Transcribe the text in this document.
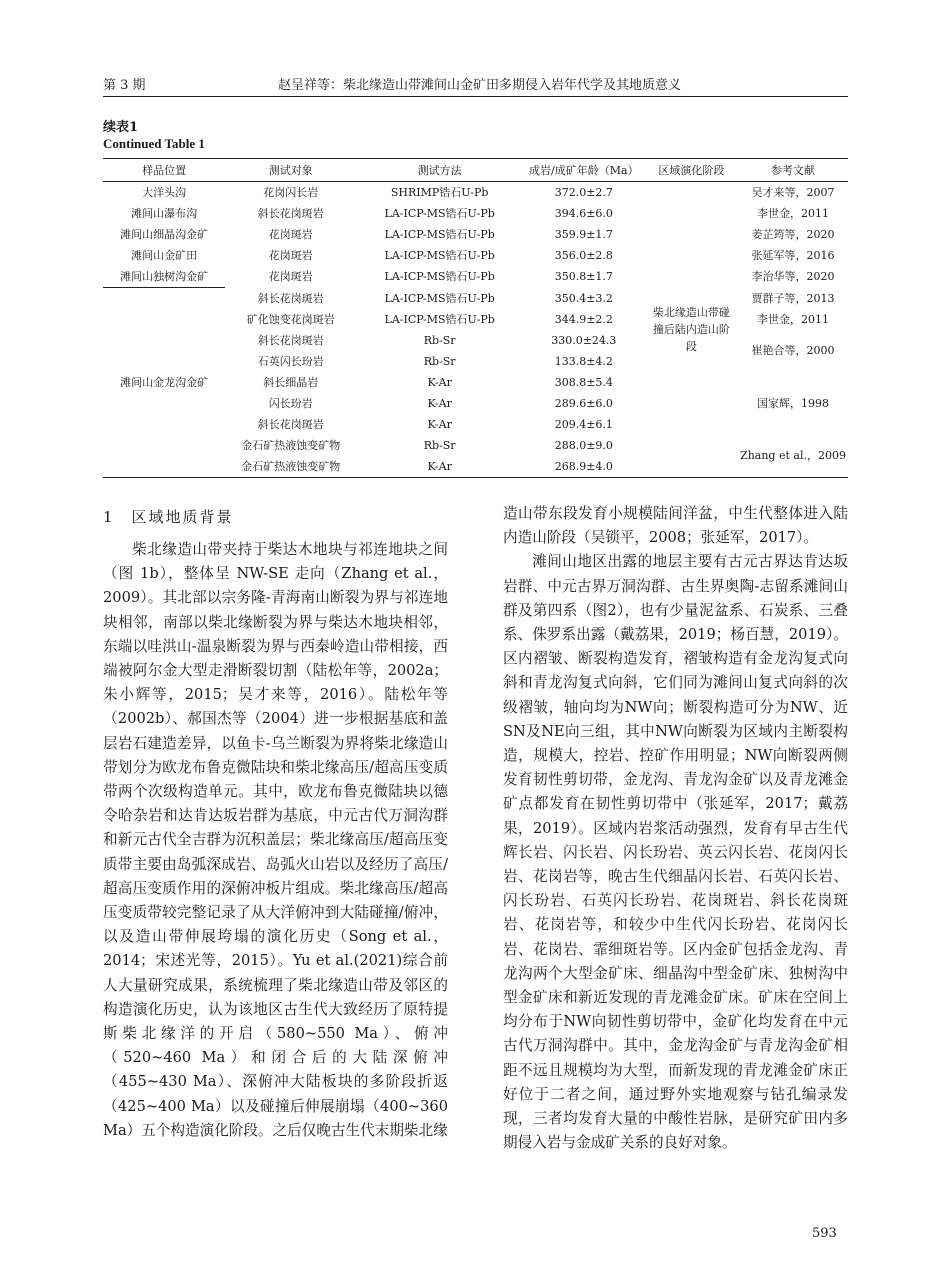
第 3 期	赵呈祥等：柴北缘造山带滩间山金矿田多期侵入岩年代学及其地质意义
续表1
Continued Table 1
样品位置	测试对象	测试方法	成岩/成矿年龄（Ma）	区域演化阶段	参考文献
大洋头沟	花岗闪长岩	SHRIMP锆石U-Pb	372.0±2.7	柴北缘造山带碰撞后陆内造山阶段	吴才来等，2007
滩间山瀑布沟	斜长花岗斑岩	LA-ICP-MS锆石U-Pb	394.6±6.0		李世金，2011
滩间山细晶沟金矿	花岗斑岩	LA-ICP-MS锆石U-Pb	359.9±1.7		姜芷筠等，2020
滩间山金矿田	花岗斑岩	LA-ICP-MS锆石U-Pb	356.0±2.8		张延军等，2016
滩间山独树沟金矿	花岗斑岩	LA-ICP-MS锆石U-Pb	350.8±1.7		李治华等，2020
滩间山金龙沟金矿	斜长花岗斑岩	LA-ICP-MS锆石U-Pb	350.4±3.2		贾群子等，2013
	矿化蚀变花岗斑岩	LA-ICP-MS锆石U-Pb	344.9±2.2		李世金，2011
	斜长花岗斑岩	Rb-Sr	330.0±24.3		崔艳合等，2000
	石英闪长玢岩	Rb-Sr	133.8±4.2		
	斜长细晶岩	K-Ar	308.8±5.4		国家辉，1998
	闪长玢岩	K-Ar	289.6±6.0		
	斜长花岗斑岩	K-Ar	209.4±6.1		
	金石矿热液蚀变矿物	Rb-Sr	288.0±9.0		Zhang et al.，2009
	金石矿热液蚀变矿物	K-Ar	268.9±4.0		
1　区域地质背景

柴北缘造山带夹持于柴达木地块与祁连地块之间（图 1b），整体呈 NW-SE 走向（Zhang et al.，2009）。其北部以宗务隆-青海南山断裂为界与祁连地块相邻，南部以柴北缘断裂为界与柴达木地块相邻，东端以哇洪山-温泉断裂为界与西秦岭造山带相接，西端被阿尔金大型走滑断裂切割（陆松年等，2002a；朱小辉等，2015；吴才来等，2016）。陆松年等（2002b）、郝国杰等（2004）进一步根据基底和盖层岩石建造差异，以鱼卡-乌兰断裂为界将柴北缘造山带划分为欧龙布鲁克微陆块和柴北缘高压/超高压变质带两个次级构造单元。其中，欧龙布鲁克微陆块以德令哈杂岩和达肯达坂岩群为基底，中元古代万洞沟群和新元古代全吉群为沉积盖层；柴北缘高压/超高压变质带主要由岛弧深成岩、岛弧火山岩以及经历了高压/超高压变质作用的深俯冲板片组成。柴北缘高压/超高压变质带较完整记录了从大洋俯冲到大陆碰撞/俯冲，以及造山带伸展垮塌的演化历史（Song et al.，2014；宋述光等，2015）。Yu et al.(2021)综合前人大量研究成果，系统梳理了柴北缘造山带及邻区的构造演化历史，认为该地区古生代大致经历了原特提斯柴北缘洋的开启（580~550 Ma）、俯冲（520~460 Ma）和闭合后的大陆深俯冲（455~430 Ma）、深俯冲大陆板块的多阶段折返（425~400 Ma）以及碰撞后伸展崩塌（400~360 Ma）五个构造演化阶段。之后仅晚古生代末期柴北缘

造山带东段发育小规模陆间洋盆，中生代整体进入陆内造山阶段（吴锁平，2008；张延军，2017）。

滩间山地区出露的地层主要有古元古界达肯达坂岩群、中元古界万洞沟群、古生界奥陶-志留系滩间山群及第四系（图2），也有少量泥盆系、石炭系、三叠系、侏罗系出露（戴荔果，2019；杨百慧，2019）。区内褶皱、断裂构造发育，褶皱构造有金龙沟复式向斜和青龙沟复式向斜，它们同为滩间山复式向斜的次级褶皱，轴向均为NW向；断裂构造可分为NW、近SN及NE向三组，其中NW向断裂为区域内主断裂构造，规模大，控岩、控矿作用明显；NW向断裂两侧发育韧性剪切带，金龙沟、青龙沟金矿以及青龙滩金矿点都发育在韧性剪切带中（张延军，2017；戴荔果，2019）。区域内岩浆活动强烈，发育有早古生代辉长岩、闪长岩、闪长玢岩、英云闪长岩、花岗闪长岩、花岗岩等，晚古生代细晶闪长岩、石英闪长岩、闪长玢岩、石英闪长玢岩、花岗斑岩、斜长花岗斑岩、花岗岩等，和较少中生代闪长玢岩、花岗闪长岩、花岗岩、霏细斑岩等。区内金矿包括金龙沟、青龙沟两个大型金矿床、细晶沟中型金矿床、独树沟中型金矿床和新近发现的青龙滩金矿床。矿床在空间上均分布于NW向韧性剪切带中，金矿化均发育在中元古代万洞沟群中。其中，金龙沟金矿与青龙沟金矿相距不远且规模均为大型，而新发现的青龙滩金矿床正好位于二者之间，通过野外实地观察与钻孔编录发现，三者均发育大量的中酸性岩脉，是研究矿田内多期侵入岩与金成矿关系的良好对象。

593
